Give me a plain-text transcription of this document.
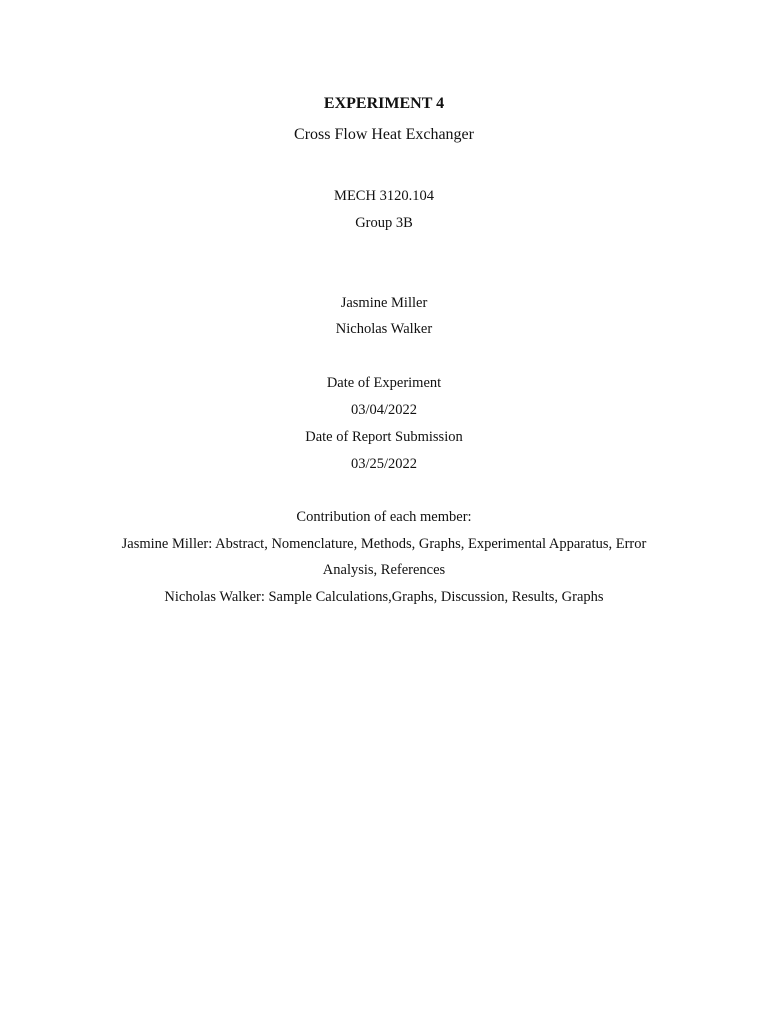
EXPERIMENT 4
Cross Flow Heat Exchanger
MECH 3120.104
Group 3B
Jasmine Miller
Nicholas Walker
Date of Experiment
03/04/2022
Date of Report Submission
03/25/2022
Contribution of each member:
Jasmine Miller: Abstract, Nomenclature, Methods, Graphs, Experimental Apparatus, Error
Analysis, References
Nicholas Walker: Sample Calculations,Graphs, Discussion, Results, Graphs
